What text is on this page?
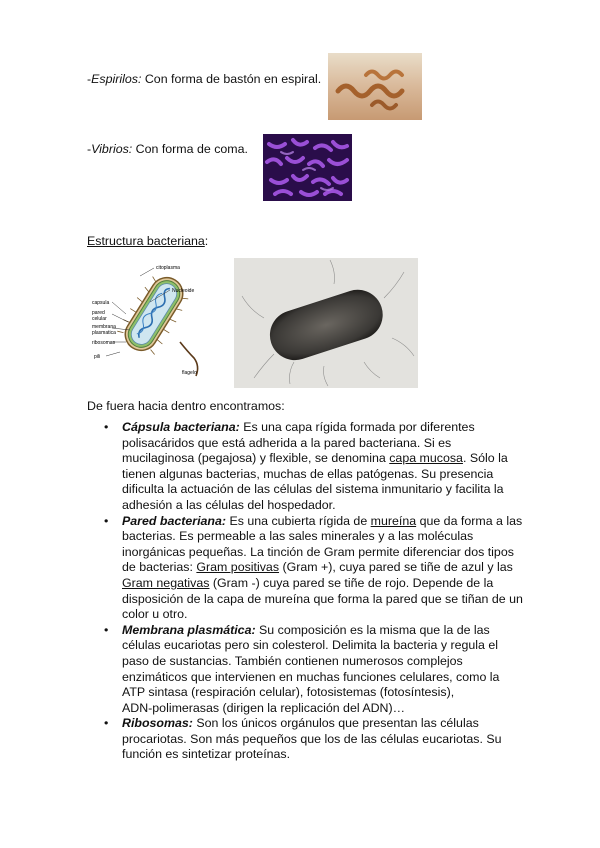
-Espirilos: Con forma de bastón en espiral.
-Vibrios: Con forma de coma.
Estructura bacteriana:
citoplasma
Nucleoide
capsula
pared
celular
membrana
plasmatica
ribosomas
pili
flagelo
De fuera hacia dentro encontramos:
• Cápsula bacteriana: Es una capa rígida formada por diferentes
polisacáridos que está adherida a la pared bacteriana. Si es
mucilaginosa (pegajosa) y flexible, se denomina capa mucosa. Sólo la
tienen algunas bacterias, muchas de ellas patógenas. Su presencia
dificulta la actuación de las células del sistema inmunitario y facilita la
adhesión a las células del hospedador.
• Pared bacteriana: Es una cubierta rígida de mureína que da forma a las
bacterias. Es permeable a las sales minerales y a las moléculas
inorgánicas pequeñas. La tinción de Gram permite diferenciar dos tipos
de bacterias: Gram positivas (Gram +), cuya pared se tiñe de azul y las
Gram negativas (Gram -) cuya pared se tiñe de rojo. Depende de la
disposición de la capa de mureína que forma la pared que se tiñan de un
color u otro.
• Membrana plasmática: Su composición es la misma que la de las
células eucariotas pero sin colesterol. Delimita la bacteria y regula el
paso de sustancias. También contienen numerosos complejos
enzimáticos que intervienen en muchas funciones celulares, como la
ATP sintasa (respiración celular), fotosistemas (fotosíntesis),
ADN-polimerasas (dirigen la replicación del ADN)…
• Ribosomas: Son los únicos orgánulos que presentan las células
procariotas. Son más pequeños que los de las células eucariotas. Su
función es sintetizar proteínas.
